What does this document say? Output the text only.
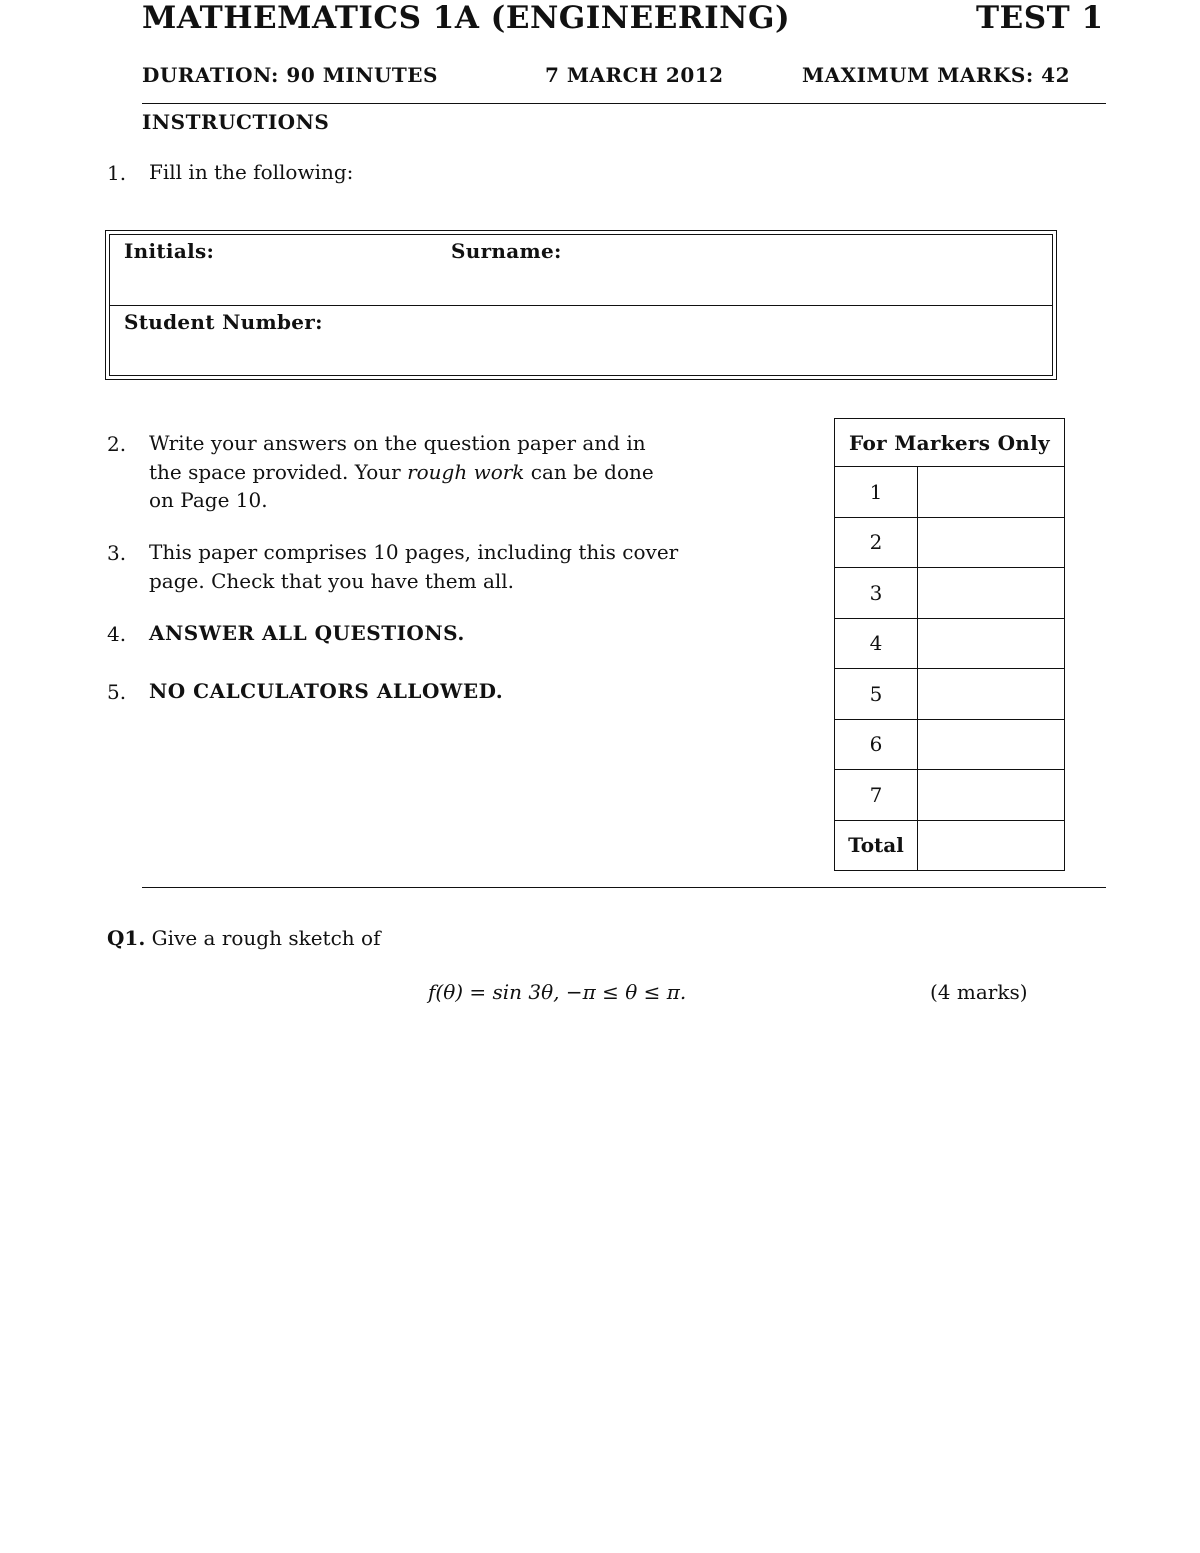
MATHEMATICS 1A (ENGINEERING)	TEST 1
DURATION: 90 MINUTES	7 MARCH 2012	MAXIMUM MARKS: 42
INSTRUCTIONS
1. Fill in the following:
Initials:	Surname:
Student Number:
2. Write your answers on the question paper and in
the space provided. Your rough work can be done
on Page 10.
3. This paper comprises 10 pages, including this cover
page. Check that you have them all.
4. ANSWER ALL QUESTIONS.
5. NO CALCULATORS ALLOWED.
For Markers Only	
1	
2	
3	
4	
5	
6	
7	
Total	
Q1. Give a rough sketch of
f(θ) = sin 3θ, −π ≤ θ ≤ π.	(4 marks)
